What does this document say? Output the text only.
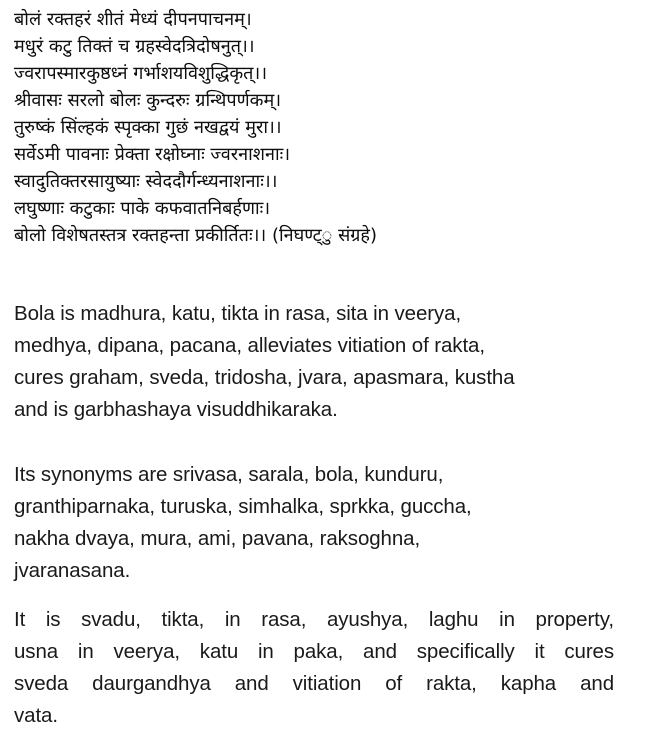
बोलं रक्तहरं शीतं मेध्यं दीपनपाचनम्।
मधुरं कटु तिक्तं च ग्रहस्वेदत्रिदोषनुत्।।
ज्वरापस्मारकुष्ठध्नं गर्भाशयविशुद्धिकृत्।।
श्रीवासः सरलो बोलः कुन्दरुः ग्रन्थिपर्णकम्।
तुरुष्कं सिंल्हकं स्पृक्का गुछं नखद्वयं मुरा।।
सर्वेऽमी पावनाः प्रेक्ता रक्षोघ्नाः ज्वरनाशनाः।
स्वादुतिक्तरसायुष्याः स्वेददौर्गन्ध्यनाशनाः।।
लघुष्णाः कटुकाः पाके कफवातनिबर्हणाः।
बोलो विशेषतस्तत्र रक्तहन्ता प्रकीर्तितः।। (निघण्ट्ु संग्रहे)

Bola is madhura, katu, tikta in rasa, sita in veerya,
medhya, dipana, pacana, alleviates vitiation of rakta,
cures graham, sveda, tridosha, jvara, apasmara, kustha
and is garbhashaya visuddhikaraka.

Its synonyms are srivasa, sarala, bola, kunduru,
granthiparnaka, turuska, simhalka, sprkka, guccha,
nakha dvaya, mura, ami, pavana, raksoghna,
jvaranasana.

It is svadu, tikta, in rasa, ayushya, laghu in property,
usna in veerya, katu in paka, and specifically it cures
sveda daurgandhya and vitiation of rakta, kapha and
vata.
